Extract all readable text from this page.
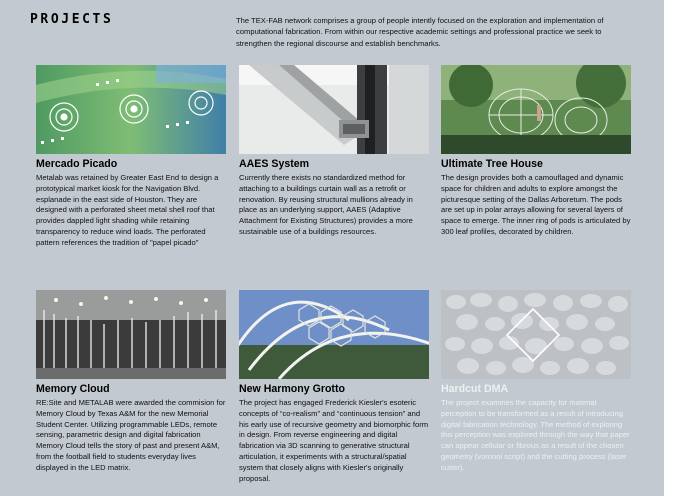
PROJECTS	The TEX-FAB network comprises a group of people intently focused on the exploration and implementation of computational fabrication. From within our respective academic settings and professional practice we seek to strengthen the regional discourse and establish benchmarks.
Mercado Picado
Metalab was retained by Greater East End to design a prototypical market kiosk for the Navigation Blvd. esplanade in the east side of Houston. They are designed with a perforated sheet metal shell roof that provides dappled light shading while retaining transparency to reduce wind loads. The perforated pattern references the tradition of "papel picado"
AAES System
Currently there exists no standardized method for attaching to a buildings curtain wall as a retrofit or renovation. By reusing structural mullions already in place as an underlying support, AAES (Adaptive Attachment for Existing Structures) provides a more sustainable use of a buildings resources.
Ultimate Tree House
The design provides both a camouflaged and dynamic space for children and adults to explore amongst the picturesque setting of the Dallas Arboretum. The pods are set up in polar arrays allowing for several layers of space to emerge. The inner ring of pods is articulated by 300 leaf profiles, decorated by children.
Memory Cloud
RE:Site and METALAB were awarded the commision for Memory Cloud by Texas A&M for the new Memorial Student Center. Utilizing programmable LEDs, remote sensing, parametric design and digital fabrication Memory Cloud tells the story of past and present A&M, from the football field to students everyday lives displayed in the LED matrix.
New Harmony Grotto
The project has engaged Frederick Kiesler's esoteric concepts of “co-realism” and “continuous tension” and his early use of recursive geometry and biomorphic form in design. From reverse engineering and digital fabrication via 3D scanning to generative structural articulation, it experiments with a structural/spatial system that closely aligns with Kiesler's originally proposal.
Hardcut DMA
The project examines the capacity for material perception to be transformed as a result of introducing digital fabrication technology. The method of exploring this perception was explored through the way that paper can appear cellular or fibrous as a result of the chosen geometry (voronoi script) and the cutting process (laser cutter).
